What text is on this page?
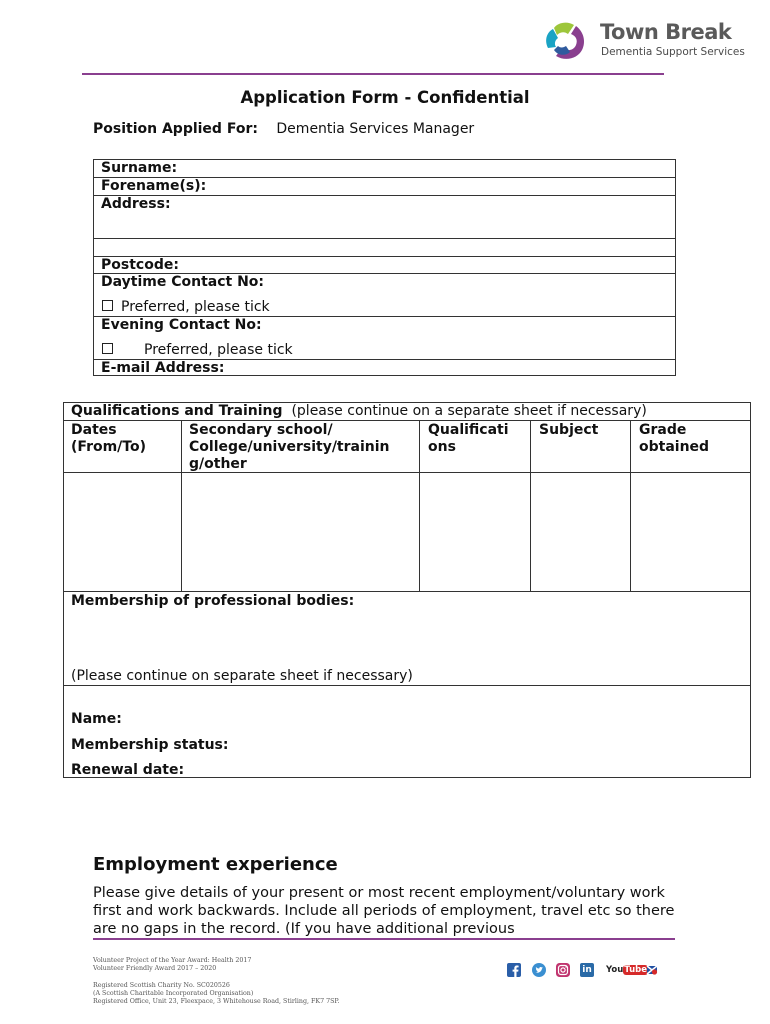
Town Break
Dementia Support Services
Application Form - Confidential
Position Applied For: Dementia Services Manager
Surname:
Forename(s):
Address:
Postcode:
Daytime Contact No:
Preferred, please tick
Evening Contact No:
Preferred, please tick
E-mail Address:
Qualifications and Training (please continue on a separate sheet if necessary)
Dates
(From/To)
Secondary school/
College/university/trainin
g/other
Qualificati
ons
Subject	Grade
obtained
Membership of professional bodies:
(Please continue on separate sheet if necessary)
Name:
Membership status:
Renewal date:
Employment experience
Please give details of your present or most recent employment/voluntary work first and work backwards. Include all periods of employment, travel etc so there are no gaps in the record. (If you have additional previous
Volunteer Project of the Year Award: Health 2017
Volunteer Friendly Award 2017 – 2020
Registered Scottish Charity No. SC020526
(A Scottish Charitable Incorporated Organisation)
Registered Office, Unit 23, Fleexpace, 3 Whitehouse Road, Stirling, FK7 7SP.
in YouTube
